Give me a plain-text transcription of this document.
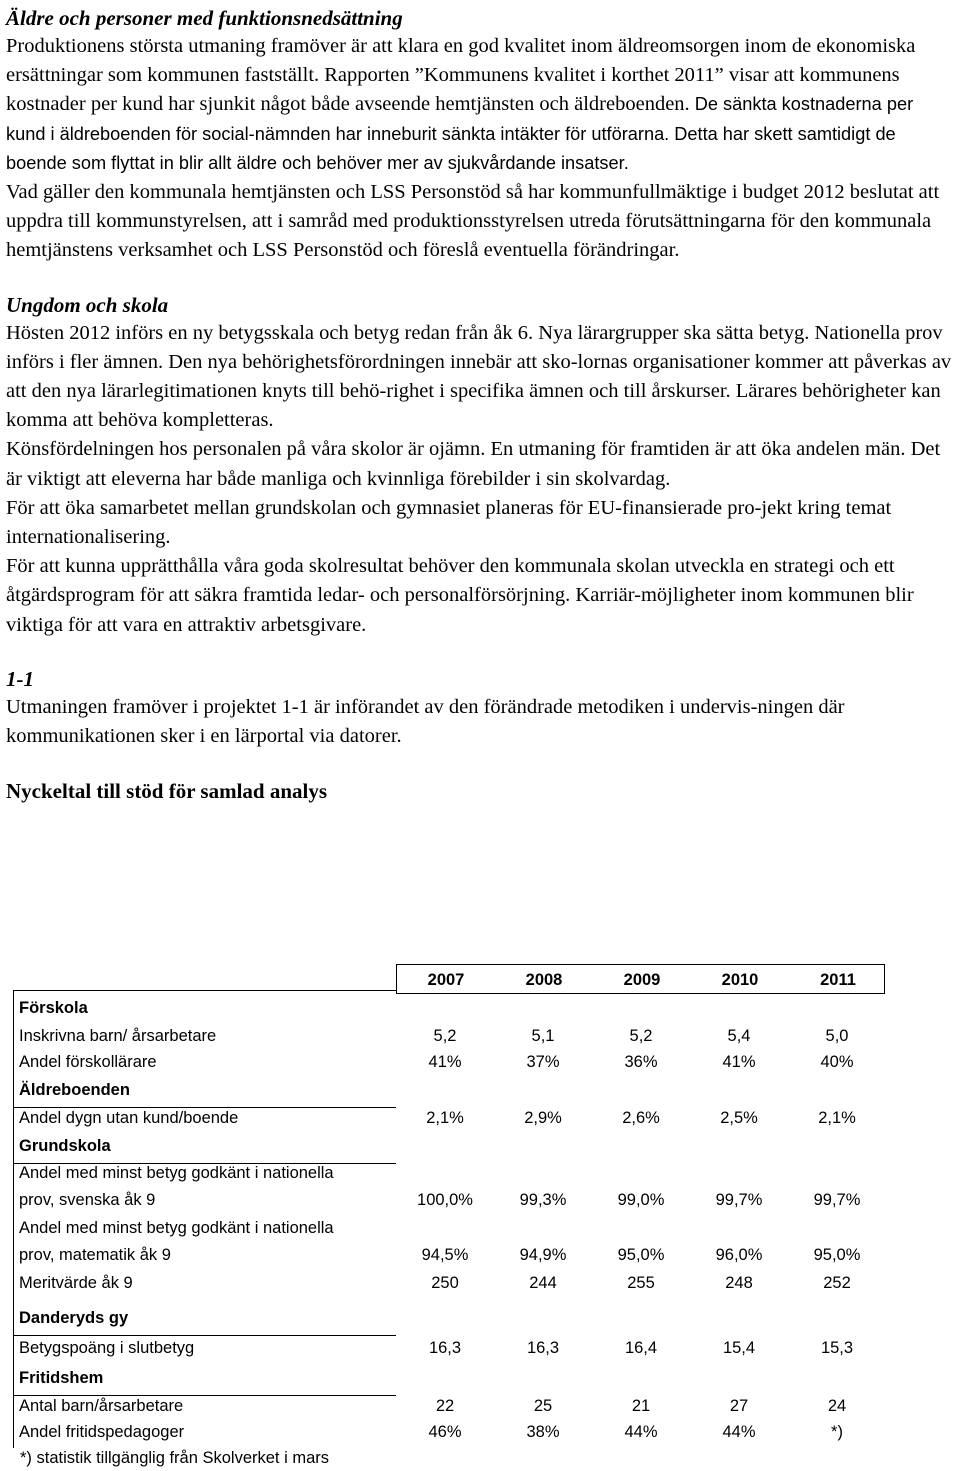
Äldre och personer med funktionsnedsättning

Produktionens största utmaning framöver är att klara en god kvalitet inom äldreomsorgen inom de ekonomiska ersättningar som kommunen fastställt. Rapporten ”Kommunens kvalitet i korthet 2011” visar att kommunens kostnader per kund har sjunkit något både avseende hemtjänsten och äldreboenden. De sänkta kostnaderna per kund i äldreboenden för social-nämnden har inneburit sänkta intäkter för utförarna. Detta har skett samtidigt de boende som flyttat in blir allt äldre och behöver mer av sjukvårdande insatser.

Vad gäller den kommunala hemtjänsten och LSS Personstöd så har kommunfullmäktige i budget 2012 beslutat att uppdra till kommunstyrelsen, att i samråd med produktionsstyrelsen utreda förutsättningarna för den kommunala hemtjänstens verksamhet och LSS Personstöd och föreslå eventuella förändringar.

Ungdom och skola

Hösten 2012 införs en ny betygsskala och betyg redan från åk 6. Nya lärargrupper ska sätta betyg. Nationella prov införs i fler ämnen. Den nya behörighetsförordningen innebär att sko-lornas organisationer kommer att påverkas av att den nya lärarlegitimationen knyts till behö-righet i specifika ämnen och till årskurser. Lärares behörigheter kan komma att behöva kompletteras.

Könsfördelningen hos personalen på våra skolor är ojämn. En utmaning för framtiden är att öka andelen män. Det är viktigt att eleverna har både manliga och kvinnliga förebilder i sin skolvardag.

För att öka samarbetet mellan grundskolan och gymnasiet planeras för EU-finansierade pro-jekt kring temat internationalisering.

För att kunna upprätthålla våra goda skolresultat behöver den kommunala skolan utveckla en strategi och ett åtgärdsprogram för att säkra framtida ledar- och personalförsörjning. Karriär-möjligheter inom kommunen blir viktiga för att vara en attraktiv arbetsgivare.

1-1

Utmaningen framöver i projektet 1-1 är införandet av den förändrade metodiken i undervis-ningen där kommunikationen sker i en lärportal via datorer.

Nyckeltal till stöd för samlad analys
2007	2008	2009	2010	2011
Förskola
Inskrivna barn/ årsarbetare	5,2	5,1	5,2	5,4	5,0
Andel förskollärare	41%	37%	36%	41%	40%
Äldreboenden
Andel dygn utan kund/boende	2,1%	2,9%	2,6%	2,5%	2,1%
Grundskola
Andel med minst betyg godkänt i nationella
prov, svenska åk 9	100,0%	99,3%	99,0%	99,7%	99,7%
Andel med minst betyg godkänt i nationella
prov, matematik åk 9	94,5%	94,9%	95,0%	96,0%	95,0%
Meritvärde åk 9	250	244	255	248	252
Danderyds gy
Betygspoäng i slutbetyg	16,3	16,3	16,4	15,4	15,3
Fritidshem
Antal barn/årsarbetare	22	25	21	27	24
Andel fritidspedagoger	46%	38%	44%	44%	*)
*) statistik tillgänglig från Skolverket i mars
